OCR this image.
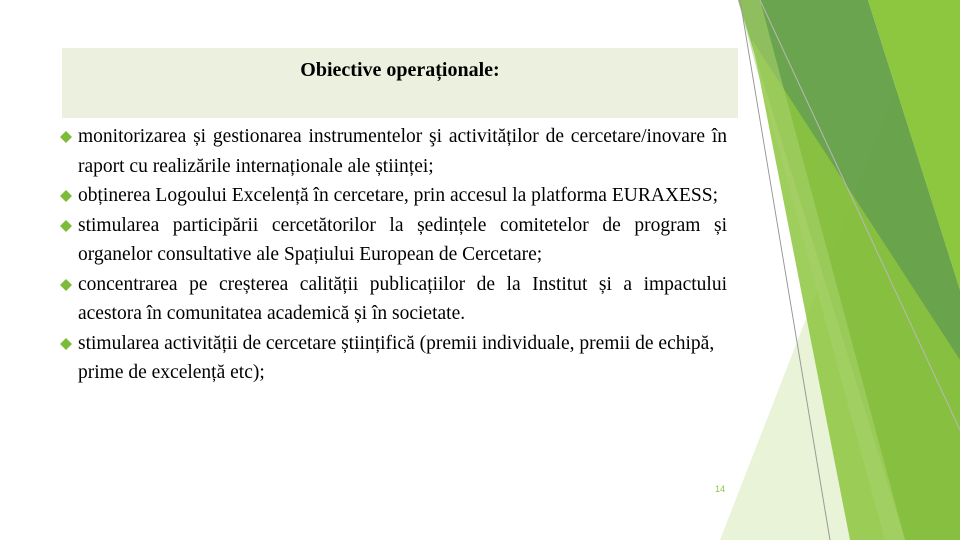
Obiective operaționale:
monitorizarea și gestionarea instrumentelor şi activităților de cercetare/inovare în raport cu realizările internaționale ale științei;
obținerea Logoului Excelență în cercetare, prin accesul la platforma EURAXESS;
stimularea participării cercetătorilor la ședințele comitetelor de program și organelor consultative ale Spațiului European de Cercetare;
concentrarea pe creșterea calității publicațiilor de la Institut și a impactului acestora în comunitatea academică și în societate.
stimularea activității de cercetare științifică (premii individuale, premii de echipă, prime de excelență etc);
14
